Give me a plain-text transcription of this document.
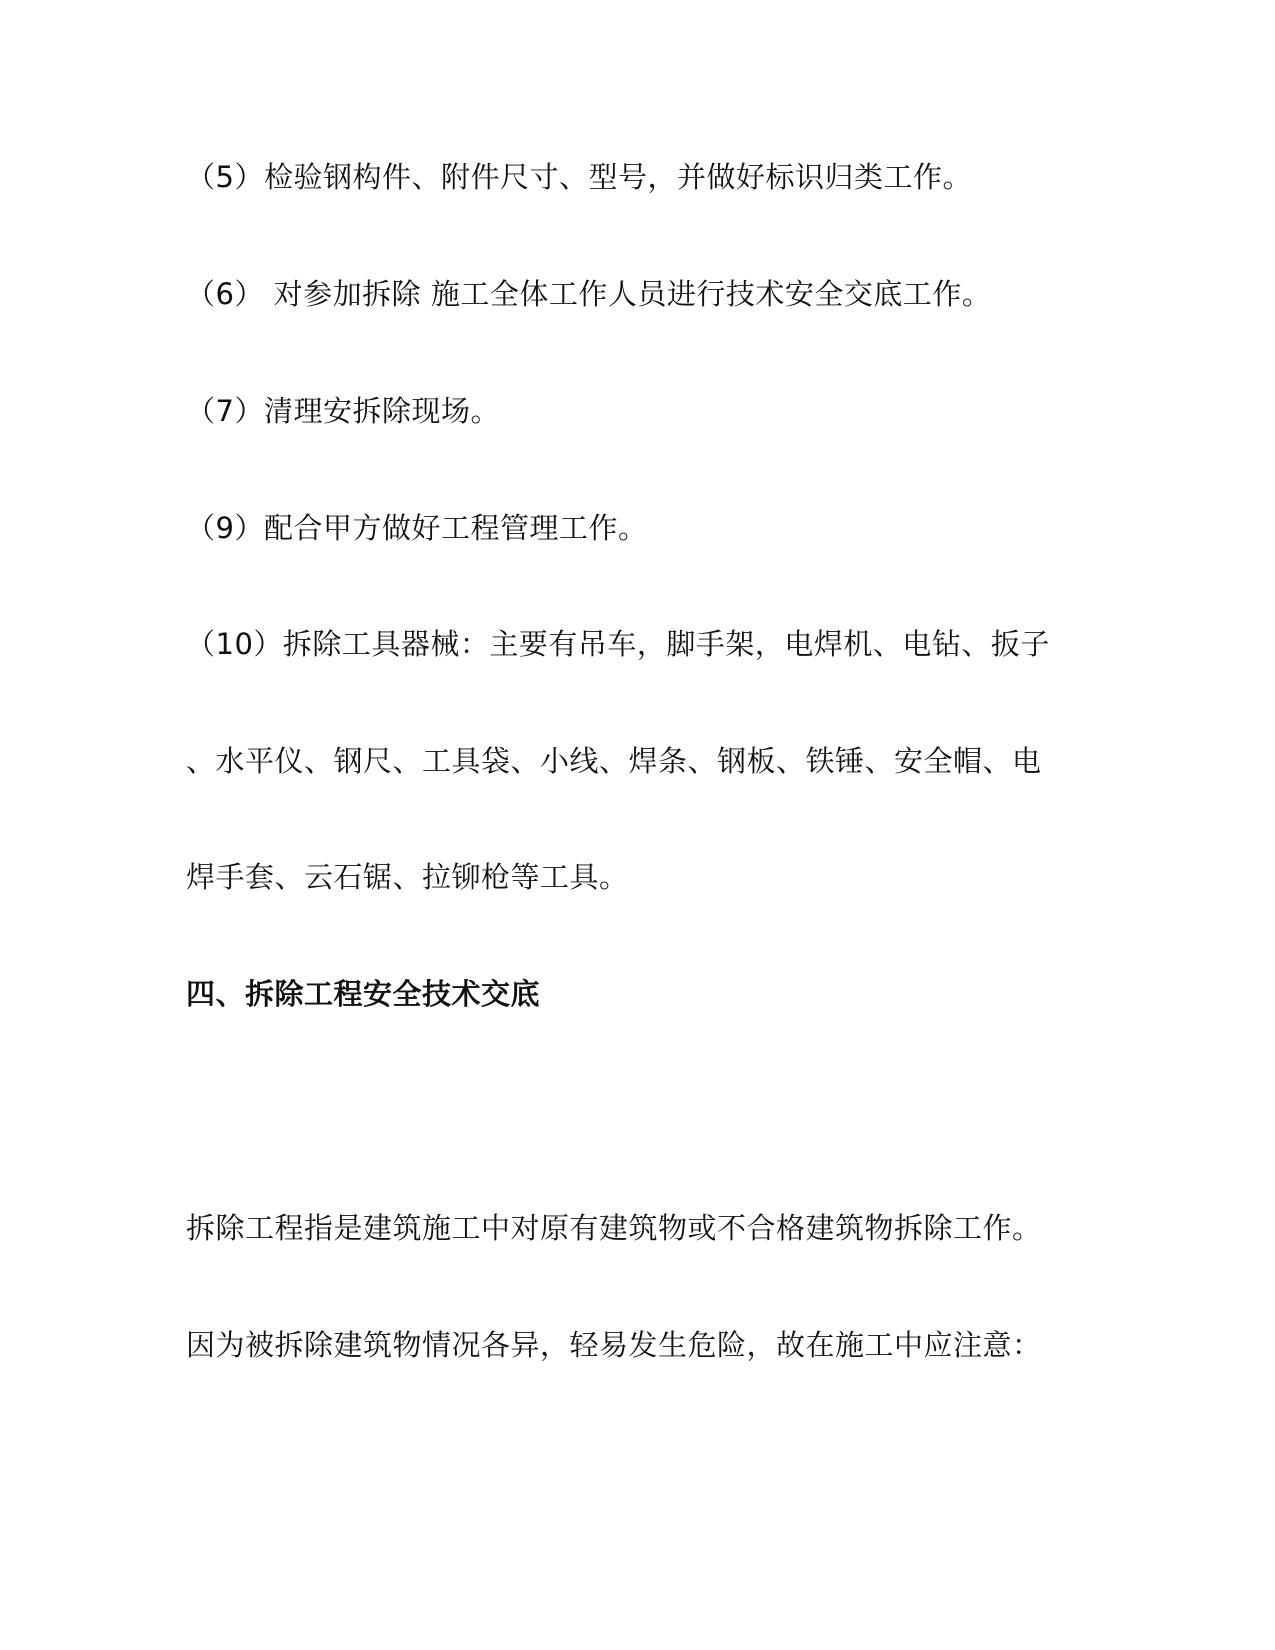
（5）检验钢构件、附件尺寸、型号，并做好标识归类工作。
（6） 对参加拆除 施工全体工作人员进行技术安全交底工作。
（7）清理安拆除现场。
（9）配合甲方做好工程管理工作。
（10）拆除工具器械：主要有吊车，脚手架，电焊机、电钻、扳子
、水平仪、钢尺、工具袋、小线、焊条、钢板、铁锤、安全帽、电
焊手套、云石锯、拉铆枪等工具。
四、拆除工程安全技术交底
拆除工程指是建筑施工中对原有建筑物或不合格建筑物拆除工作。
因为被拆除建筑物情况各异，轻易发生危险，故在施工中应注意：
